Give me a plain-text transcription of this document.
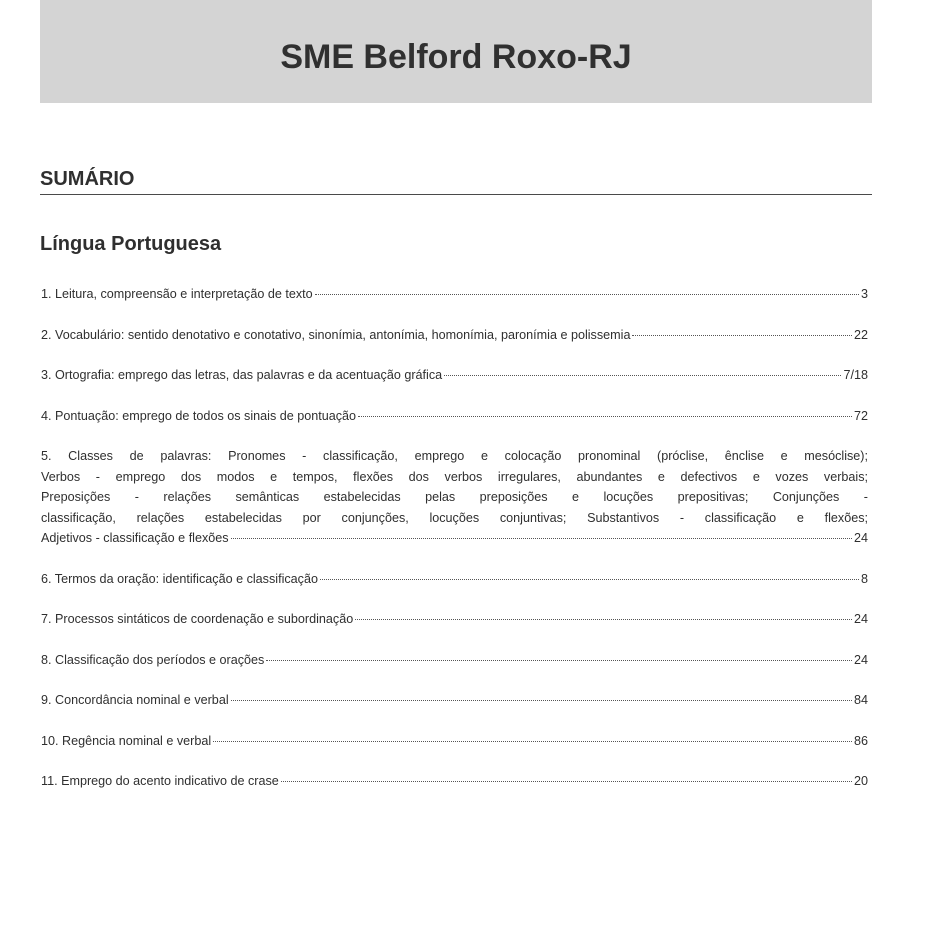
SME Belford Roxo-RJ
SUMÁRIO
Língua Portuguesa
1. Leitura, compreensão e interpretação de texto	3
2. Vocabulário: sentido denotativo e conotativo, sinonímia, antonímia, homonímia, paronímia e polissemia	22
3. Ortografia: emprego das letras, das palavras e da acentuação gráfica	7/18
4. Pontuação: emprego de todos os sinais de pontuação	72
5. Classes de palavras: Pronomes - classificação, emprego e colocação pronominal (próclise, ênclise e mesóclise);
Verbos - emprego dos modos e tempos, flexões dos verbos irregulares, abundantes e defectivos e vozes verbais;
Preposições - relações semânticas estabelecidas pelas preposições e locuções prepositivas; Conjunções -
classificação, relações estabelecidas por conjunções, locuções conjuntivas; Substantivos - classificação e flexões;
Adjetivos - classificação e flexões	24
6. Termos da oração: identificação e classificação	8
7. Processos sintáticos de coordenação e subordinação	24
8. Classificação dos períodos e orações	24
9. Concordância nominal e verbal	84
10. Regência nominal e verbal	86
11. Emprego do acento indicativo de crase	20
